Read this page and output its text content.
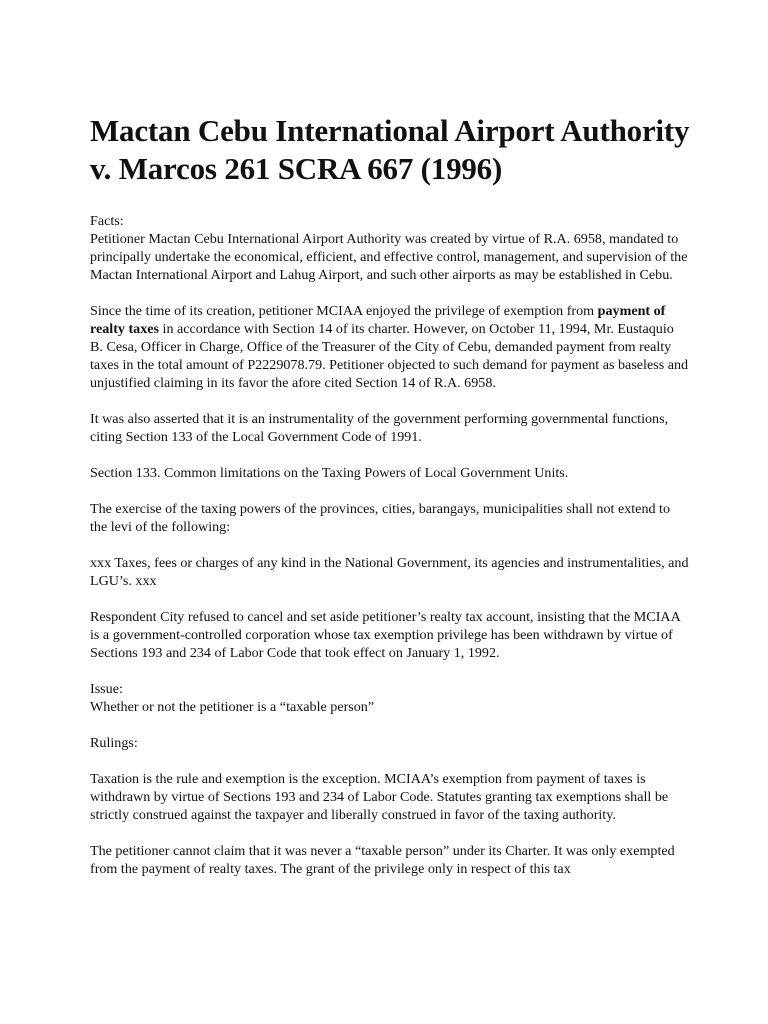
Mactan Cebu International Airport Authority v. Marcos 261 SCRA 667 (1996)

Facts:
Petitioner Mactan Cebu International Airport Authority was created by virtue of R.A. 6958, mandated to principally undertake the economical, efficient, and effective control, management, and supervision of the Mactan International Airport and Lahug Airport, and such other airports as may be established in Cebu.

Since the time of its creation, petitioner MCIAA enjoyed the privilege of exemption from payment of realty taxes in accordance with Section 14 of its charter. However, on October 11, 1994, Mr. Eustaquio B. Cesa, Officer in Charge, Office of the Treasurer of the City of Cebu, demanded payment from realty taxes in the total amount of P2229078.79. Petitioner objected to such demand for payment as baseless and unjustified claiming in its favor the afore cited Section 14 of R.A. 6958.

It was also asserted that it is an instrumentality of the government performing governmental functions, citing Section 133 of the Local Government Code of 1991.

Section 133. Common limitations on the Taxing Powers of Local Government Units.

The exercise of the taxing powers of the provinces, cities, barangays, municipalities shall not extend to the levi of the following:

xxx Taxes, fees or charges of any kind in the National Government, its agencies and instrumentalities, and LGU’s. xxx

Respondent City refused to cancel and set aside petitioner’s realty tax account, insisting that the MCIAA is a government-controlled corporation whose tax exemption privilege has been withdrawn by virtue of Sections 193 and 234 of Labor Code that took effect on January 1, 1992.

Issue:
Whether or not the petitioner is a “taxable person”

Rulings:

Taxation is the rule and exemption is the exception. MCIAA’s exemption from payment of taxes is withdrawn by virtue of Sections 193 and 234 of Labor Code. Statutes granting tax exemptions shall be strictly construed against the taxpayer and liberally construed in favor of the taxing authority.

The petitioner cannot claim that it was never a “taxable person” under its Charter. It was only exempted from the payment of realty taxes. The grant of the privilege only in respect of this tax
